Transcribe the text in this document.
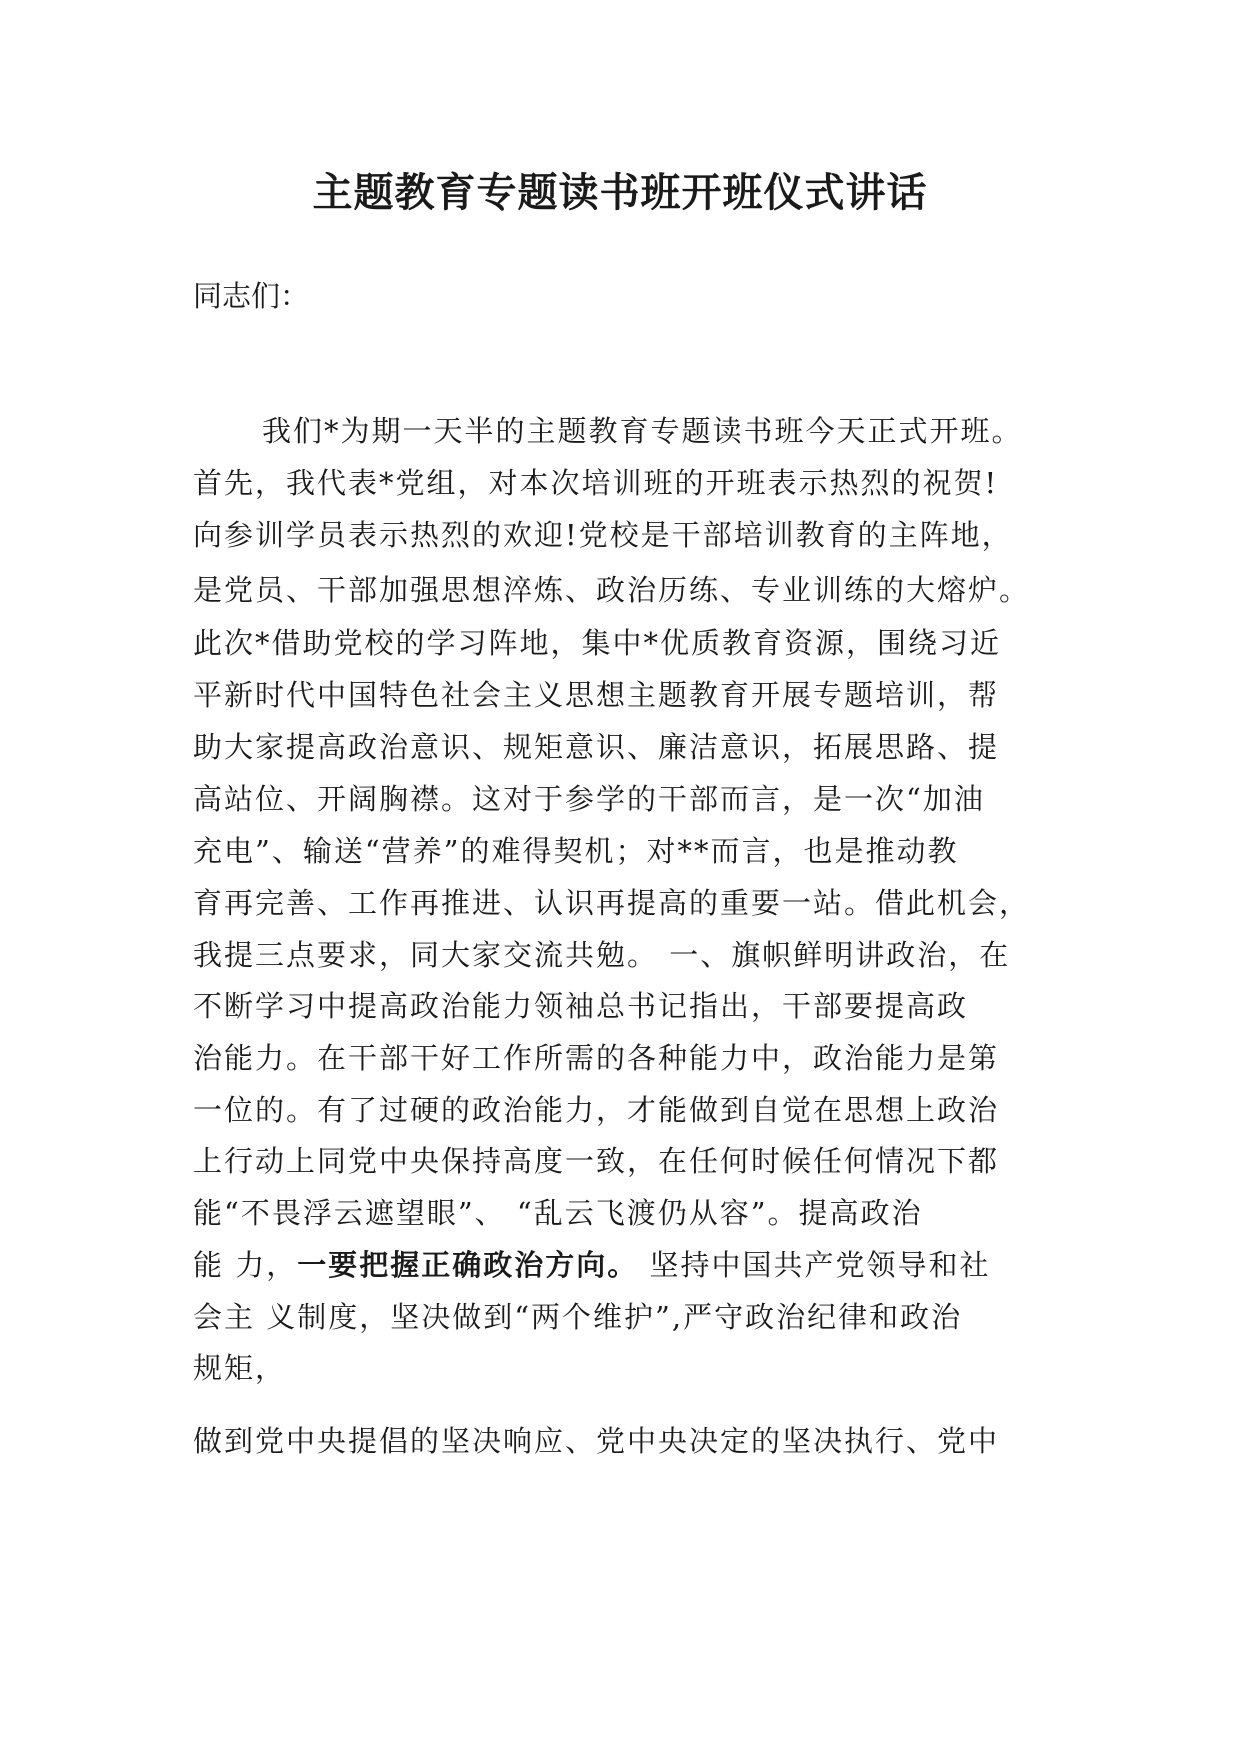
主题教育专题读书班开班仪式讲话
同志们：
我们*为期一天半的主题教育专题读书班今天正式开班。
首先，我代表*党组，对本次培训班的开班表示热烈的祝贺!
向参训学员表示热烈的欢迎!党校是干部培训教育的主阵地，
是党员、干部加强思想淬炼、政治历练、专业训练的大熔炉。
此次*借助党校的学习阵地，集中*优质教育资源，围绕习近
平新时代中国特色社会主义思想主题教育开展专题培训，帮
助大家提高政治意识、规矩意识、廉洁意识，拓展思路、提
高站位、开阔胸襟。这对于参学的干部而言，是一次“加油
充电”、输送“营养”的难得契机；对**而言，也是推动教
育再完善、工作再推进、认识再提高的重要一站。借此机会，
我提三点要求，同大家交流共勉。 一、旗帜鲜明讲政治，在
不断学习中提高政治能力领袖总书记指出，干部要提高政
治能力。在干部干好工作所需的各种能力中，政治能力是第
一位的。有了过硬的政治能力，才能做到自觉在思想上政治
上行动上同党中央保持高度一致，在任何时候任何情况下都
能“不畏浮云遮望眼”、 “乱云飞渡仍从容”。提高政治
能 力，一要把握正确政治方向。 坚持中国共产党领导和社
会主 义制度，坚决做到“两个维护”,严守政治纪律和政治
规矩，
做到党中央提倡的坚决响应、党中央决定的坚决执行、党中
